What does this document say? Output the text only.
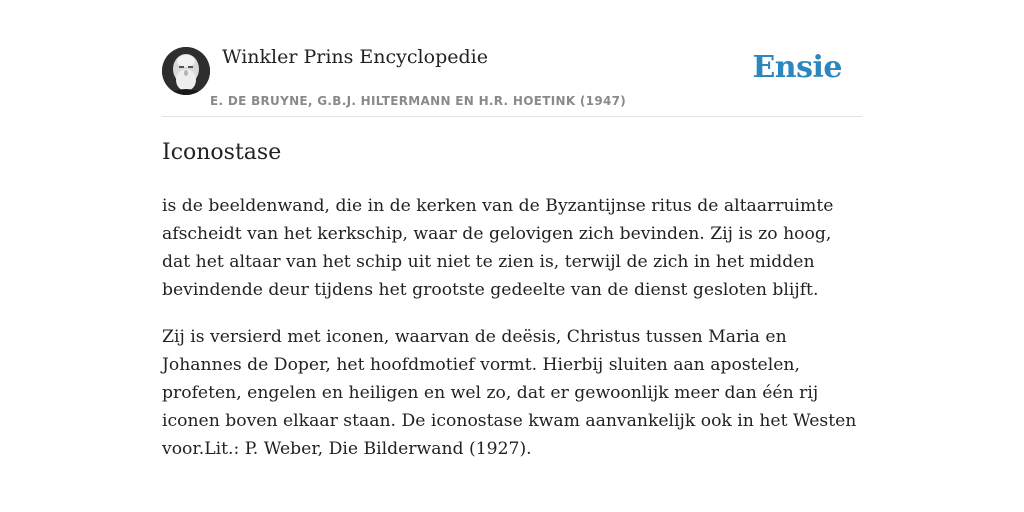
Winkler Prins Encyclopedie
E. DE BRUYNE, G.B.J. HILTERMANN EN H.R. HOETINK (1947)
Ensie
Iconostase

is de beeldenwand, die in de kerken van de Byzantijnse ritus de altaarruimte afscheidt van het kerkschip, waar de gelovigen zich bevinden. Zij is zo hoog, dat het altaar van het schip uit niet te zien is, terwijl de zich in het midden bevindende deur tijdens het grootste gedeelte van de dienst gesloten blijft.

Zij is versierd met iconen, waarvan de deësis, Christus tussen Maria en Johannes de Doper, het hoofdmotief vormt. Hierbij sluiten aan apostelen, profeten, engelen en heiligen en wel zo, dat er gewoonlijk meer dan één rij iconen boven elkaar staan. De iconostase kwam aanvankelijk ook in het Westen voor.Lit.: P. Weber, Die Bilderwand (1927).
